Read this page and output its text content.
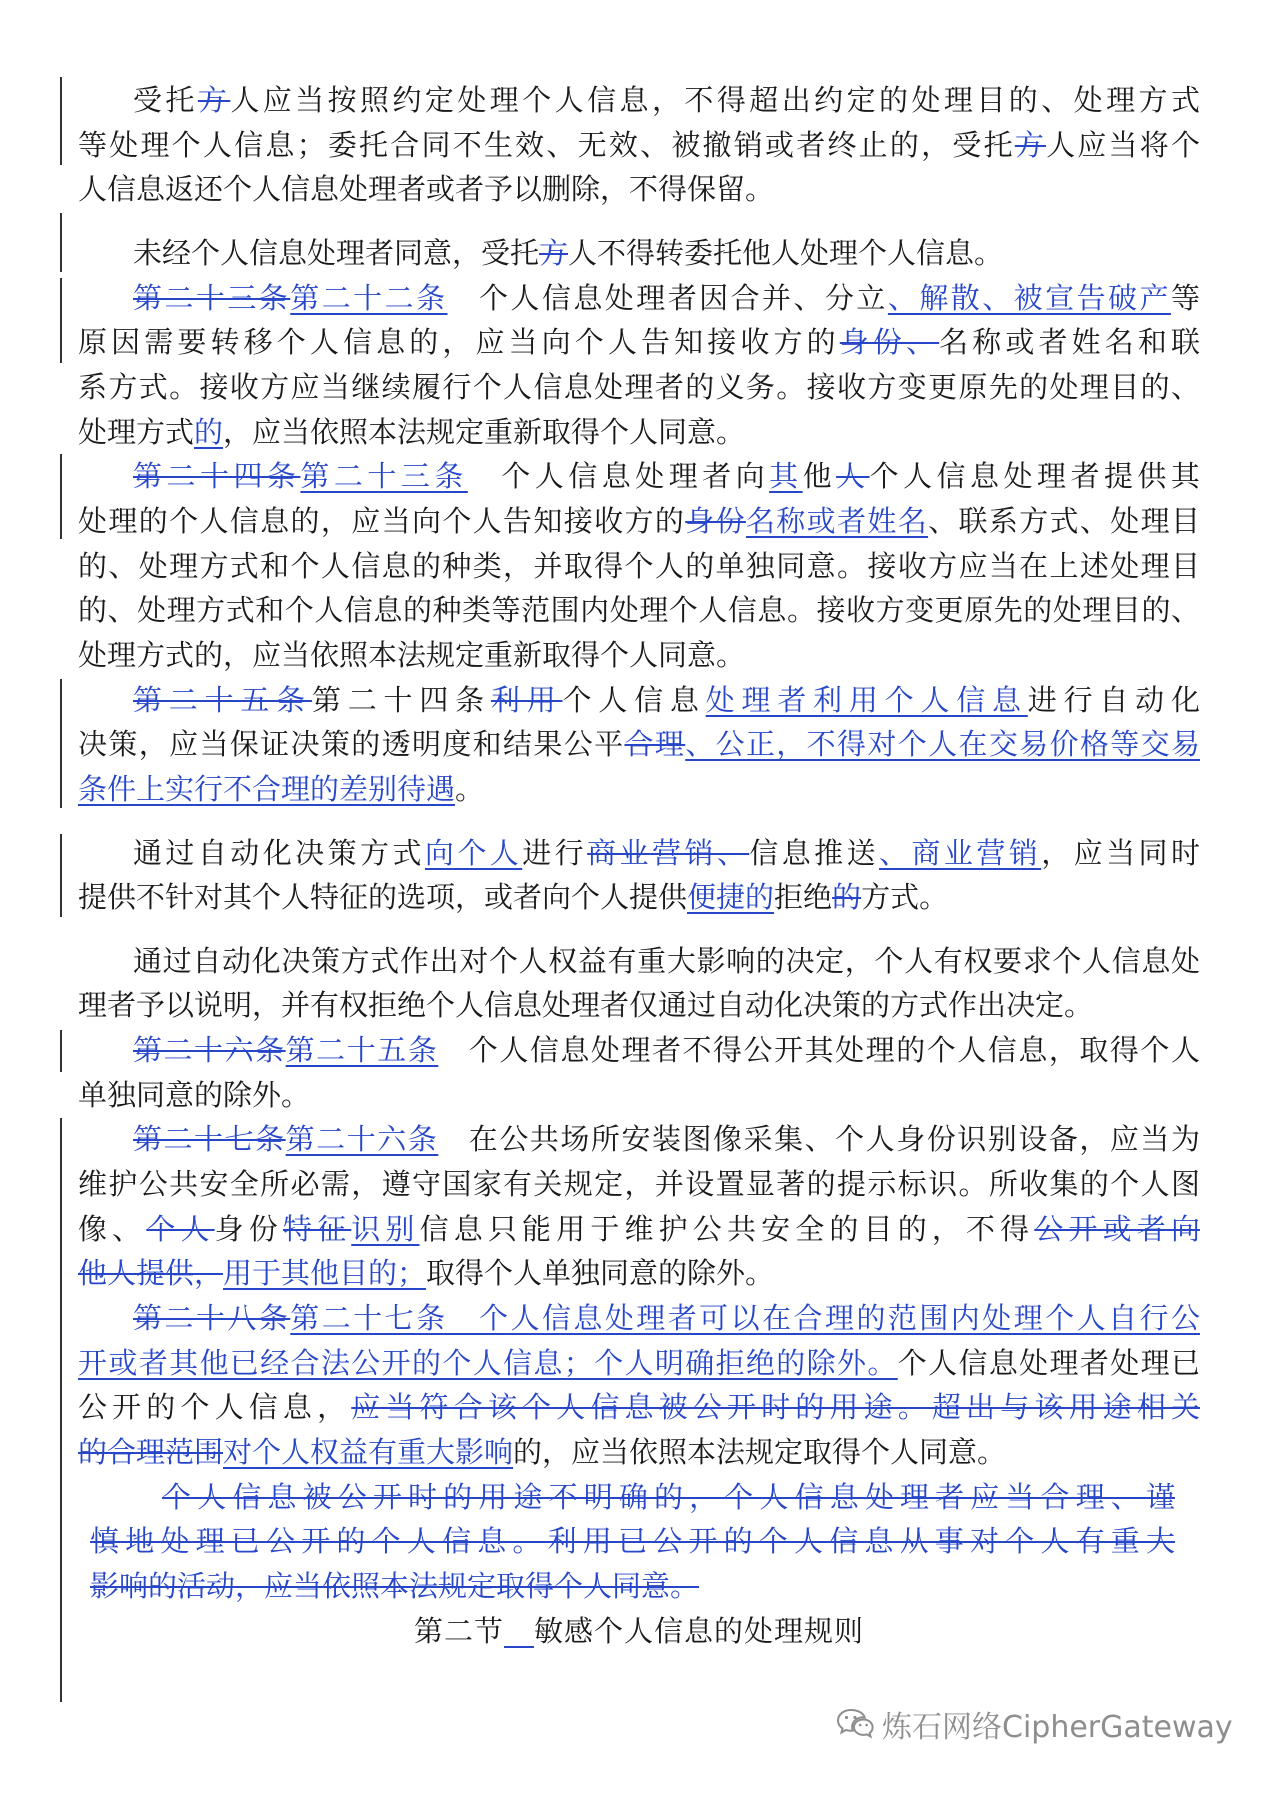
受托方人应当按照约定处理个人信息，不得超出约定的处理目的、处理方式
等处理个人信息；委托合同不生效、无效、被撤销或者终止的，受托方人应当将个
人信息返还个人信息处理者或者予以删除，不得保留。
未经个人信息处理者同意，受托方人不得转委托他人处理个人信息。
第二十三条第二十二条　个人信息处理者因合并、分立、解散、被宣告破产等
原因需要转移个人信息的，应当向个人告知接收方的身份、名称或者姓名和联
系方式。接收方应当继续履行个人信息处理者的义务。接收方变更原先的处理目的、
处理方式的，应当依照本法规定重新取得个人同意。
第二十四条第二十三条　个人信息处理者向其他人个人信息处理者提供其
处理的个人信息的，应当向个人告知接收方的身份名称或者姓名、联系方式、处理目
的、处理方式和个人信息的种类，并取得个人的单独同意。接收方应当在上述处理目
的、处理方式和个人信息的种类等范围内处理个人信息。接收方变更原先的处理目的、
处理方式的，应当依照本法规定重新取得个人同意。
第二十五条第二十四条利用个人信息处理者利用个人信息进行自动化
决策，应当保证决策的透明度和结果公平合理、公正，不得对个人在交易价格等交易
条件上实行不合理的差别待遇。
通过自动化决策方式向个人进行商业营销、信息推送、商业营销，应当同时
提供不针对其个人特征的选项，或者向个人提供便捷的拒绝的方式。
通过自动化决策方式作出对个人权益有重大影响的决定，个人有权要求个人信息处
理者予以说明，并有权拒绝个人信息处理者仅通过自动化决策的方式作出决定。
第二十六条第二十五条　个人信息处理者不得公开其处理的个人信息，取得个人
单独同意的除外。
第二十七条第二十六条　在公共场所安装图像采集、个人身份识别设备，应当为
维护公共安全所必需，遵守国家有关规定，并设置显著的提示标识。所收集的个人图
像、个人身份特征识别信息只能用于维护公共安全的目的，不得公开或者向
他人提供，用于其他目的；取得个人单独同意的除外。
第二十八条第二十七条　个人信息处理者可以在合理的范围内处理个人自行公
开或者其他已经合法公开的个人信息；个人明确拒绝的除外。个人信息处理者处理已
公开的个人信息，应当符合该个人信息被公开时的用途。超出与该用途相关
的合理范围对个人权益有重大影响的，应当依照本法规定取得个人同意。
个人信息被公开时的用途不明确的，个人信息处理者应当合理、谨
慎地处理已公开的个人信息。利用已公开的个人信息从事对个人有重大
影响的活动，应当依照本法规定取得个人同意。
第二节　 敏感个人信息的处理规则
炼石网络CipherGateway
